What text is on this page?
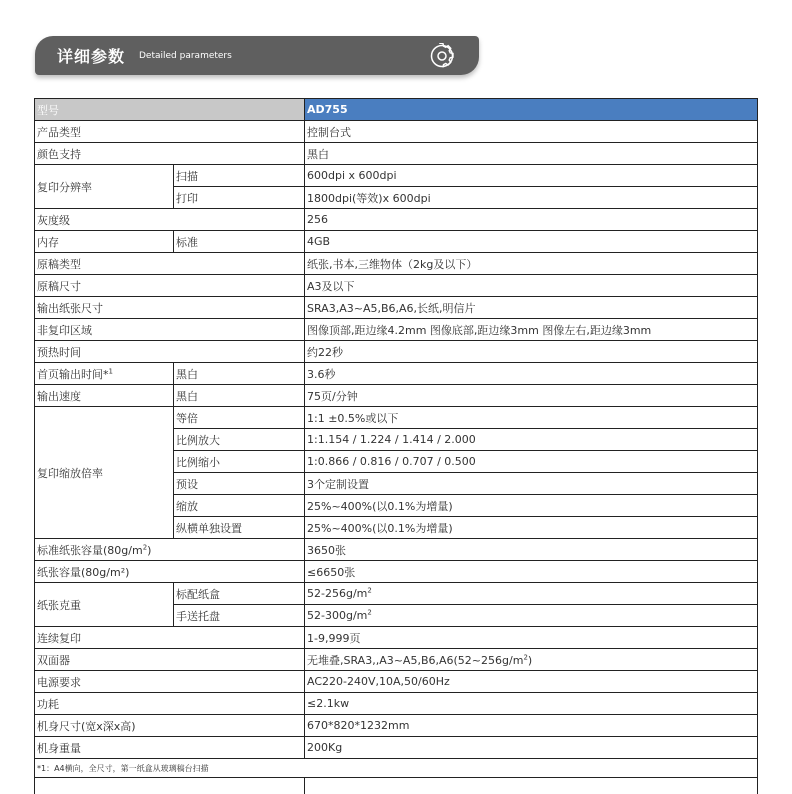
详细参数 Detailed parameters
型号		AD755
产品类型		控制台式
颜色支持		黑白
复印分辨率	扫描	600dpi x 600dpi
	打印	1800dpi(等效)x 600dpi
灰度级		256
内存	标准	4GB
原稿类型		纸张,书本,三维物体（2kg及以下）
原稿尺寸		A3及以下
输出纸张尺寸		SRA3,A3~A5,B6,A6,长纸,明信片
非复印区域		图像顶部,距边缘4.2mm 图像底部,距边缘3mm 图像左右,距边缘3mm
预热时间		约22秒
首页输出时间*$^1$	黑白	3.6秒
输出速度	黑白	75页/分钟
复印缩放倍率	等倍	1:1 ±0.5%或以下
	比例放大	1:1.154 / 1.224 / 1.414 / 2.000
	比例缩小	1:0.866 / 0.816 / 0.707 / 0.500
	预设	3个定制设置
	缩放	25%~400%(以0.1%为增量)
	纵横单独设置	25%~400%(以0.1%为增量)
标准纸张容量$(80g/m^2)$		3650张
纸张容量(80g/m²)		≤6650张
纸张克重	标配纸盒	$52-256g/m^2$
	手送托盘	$52-300g/m^2$
连续复印		1-9,999页
双面器		无堆叠$,SRA3,,A3\sim A5,B6,A6(52\sim 256g/m^2)$
电源要求		AC220-240V,10A,50/60Hz
功耗		≤2.1kw
机身尺寸(宽x深x高)		670*820*1232mm
机身重量		200Kg
*1：A4横向，全尺寸，第一纸盒从玻璃稿台扫描		
